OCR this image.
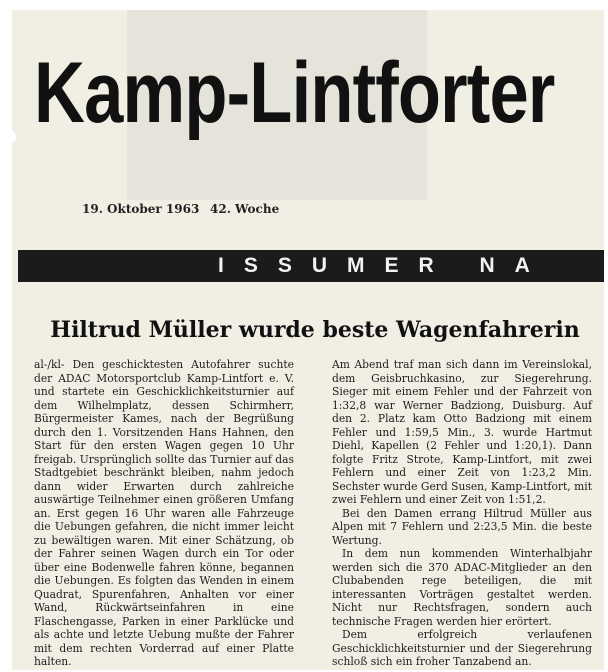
Kamp-Lintforter
19. Oktober 1963 42. Woche
ISSUMER NA
Hiltrud Müller wurde beste Wagenfahrerin

al-/kl- Den geschicktesten Autofahrer suchte der ADAC Motorsportclub Kamp-Lintfort e. V. und startete ein Geschicklichkeitsturnier auf dem Wilhelmplatz, dessen Schirmherr, Bürgermeister Kames, nach der Begrüßung durch den 1. Vorsitzenden Hans Hahnen, den Start für den ersten Wagen gegen 10 Uhr freigab. Ursprünglich sollte das Turnier auf das Stadtgebiet beschränkt bleiben, nahm jedoch dann wider Erwarten durch zahlreiche auswärtige Teilnehmer einen größeren Umfang an. Erst gegen 16 Uhr waren alle Fahrzeuge die Uebungen gefahren, die nicht immer leicht zu bewältigen waren. Mit einer Schätzung, ob der Fahrer seinen Wagen durch ein Tor oder über eine Bodenwelle fahren könne, begannen die Uebungen. Es folgten das Wenden in einem Quadrat, Spurenfahren, Anhalten vor einer Wand, Rückwärtseinfahren in eine Flaschengasse, Parken in einer Parklücke und als achte und letzte Uebung mußte der Fahrer mit dem rechten Vorderrad auf einer Platte halten.

Am Abend traf man sich dann im Vereinslokal, dem Geisbruchkasino, zur Siegerehrung. Sieger mit einem Fehler und der Fahrzeit von 1:32,8 war Werner Badziong, Duisburg. Auf den 2. Platz kam Otto Badziong mit einem Fehler und 1:59,5 Min., 3. wurde Hartmut Diehl, Kapellen (2 Fehler und 1:20,1). Dann folgte Fritz Strote, Kamp-Lintfort, mit zwei Fehlern und einer Zeit von 1:23,2 Min. Sechster wurde Gerd Susen, Kamp-Lintfort, mit zwei Fehlern und einer Zeit von 1:51,2.

Bei den Damen errang Hiltrud Müller aus Alpen mit 7 Fehlern und 2:23,5 Min. die beste Wertung.

In dem nun kommenden Winterhalbjahr werden sich die 370 ADAC-Mitglieder an den Clubabenden rege beteiligen, die mit interessanten Vorträgen gestaltet werden. Nicht nur Rechtsfragen, sondern auch technische Fragen werden hier erörtert.

Dem erfolgreich verlaufenen Geschicklichkeitsturnier und der Siegerehrung schloß sich ein froher Tanzabend an.
